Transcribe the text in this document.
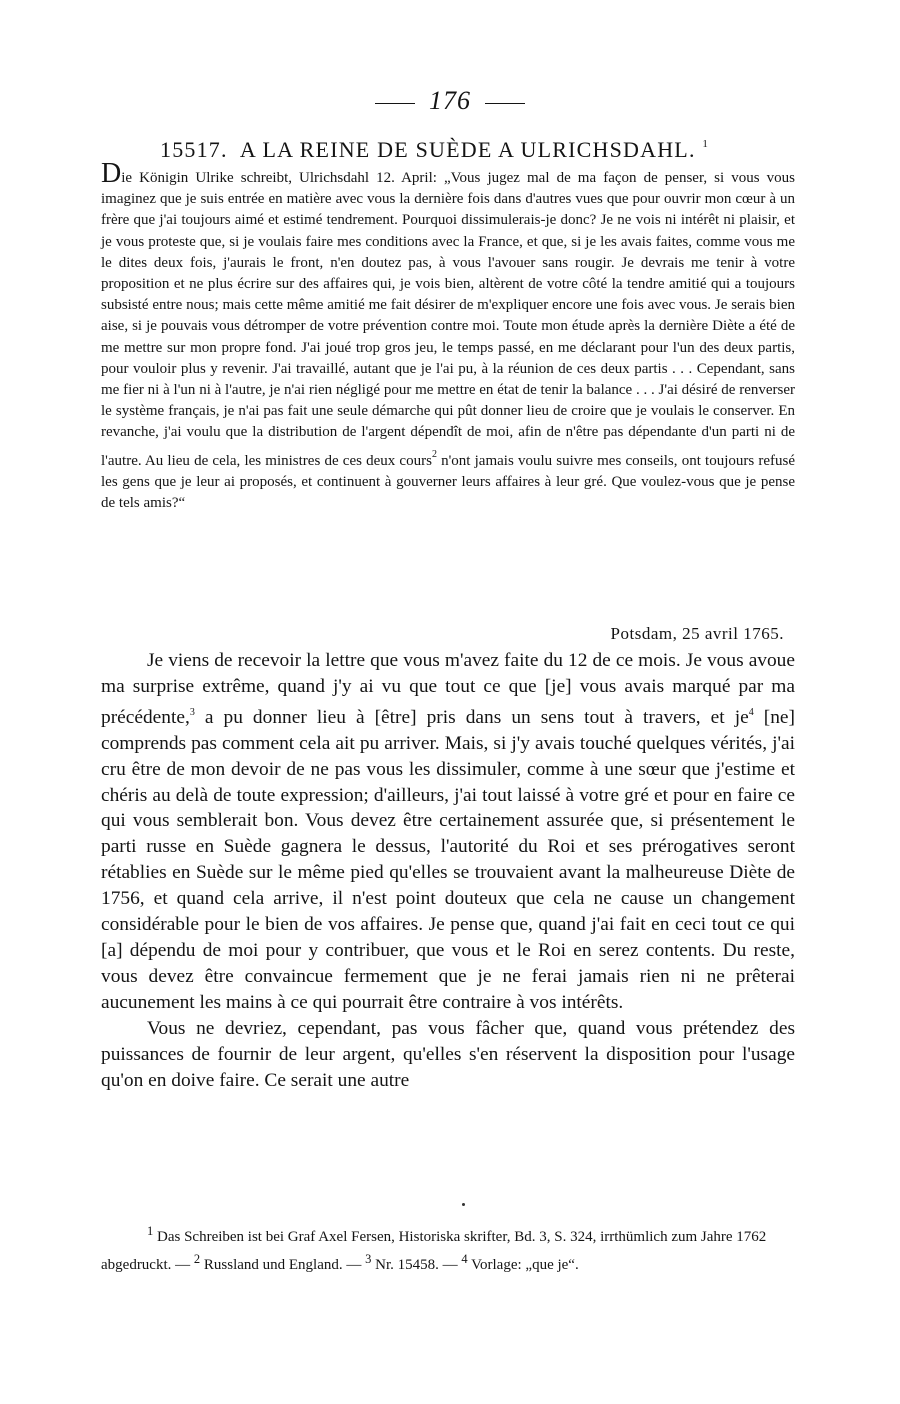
176
15517. A LA REINE DE SUÈDE A ULRICHSDAHL. $^1$
Die Königin Ulrike schreibt, Ulrichsdahl 12. April: „Vous jugez mal de ma façon de penser, si vous vous imaginez que je suis entrée en matière avec vous la dernière fois dans d'autres vues que pour ouvrir mon cœur à un frère que j'ai toujours aimé et estimé tendrement. Pourquoi dissimulerais-je donc? Je ne vois ni intérêt ni plaisir, et je vous proteste que, si je voulais faire mes conditions avec la France, et que, si je les avais faites, comme vous me le dites deux fois, j'aurais le front, n'en doutez pas, à vous l'avouer sans rougir. Je devrais me tenir à votre proposition et ne plus écrire sur des affaires qui, je vois bien, altèrent de votre côté la tendre amitié qui a toujours subsisté entre nous; mais cette même amitié me fait désirer de m'expliquer encore une fois avec vous. Je serais bien aise, si je pouvais vous détromper de votre prévention contre moi. Toute mon étude après la dernière Diète a été de me mettre sur mon propre fond. J'ai joué trop gros jeu, le temps passé, en me déclarant pour l'un des deux partis, pour vouloir plus y revenir. J'ai travaillé, autant que je l'ai pu, à la réunion de ces deux partis . . . Cependant, sans me fier ni à l'un ni à l'autre, je n'ai rien négligé pour me mettre en état de tenir la balance . . . J'ai désiré de renverser le système français, je n'ai pas fait une seule démarche qui pût donner lieu de croire que je voulais le conserver. En revanche, j'ai voulu que la distribution de l'argent dépendît de moi, afin de n'être pas dépendante d'un parti ni de l'autre. Au lieu de cela, les ministres de ces deux cours$^2$ n'ont jamais voulu suivre mes conseils, ont toujours refusé les gens que je leur ai proposés, et continuent à gouverner leurs affaires à leur gré. Que voulez-vous que je pense de tels amis?“
Potsdam, 25 avril 1765.

Je viens de recevoir la lettre que vous m'avez faite du 12 de ce mois. Je vous avoue ma surprise extrême, quand j'y ai vu que tout ce que [je] vous avais marqué par ma précédente,$^3$ a pu donner lieu à [être] pris dans un sens tout à travers, et $je^4$ [ne] comprends pas comment cela ait pu arriver. Mais, si j'y avais touché quelques vérités, j'ai cru être de mon devoir de ne pas vous les dissimuler, comme à une sœur que j'estime et chéris au delà de toute expression; d'ailleurs, j'ai tout laissé à votre gré et pour en faire ce qui vous semblerait bon. Vous devez être certainement assurée que, si présentement le parti russe en Suède gagnera le dessus, l'autorité du Roi et ses prérogatives seront rétablies en Suède sur le même pied qu'elles se trouvaient avant la malheureuse Diète de 1756, et quand cela arrive, il n'est point douteux que cela ne cause un changement considérable pour le bien de vos affaires. Je pense que, quand j'ai fait en ceci tout ce qui [a] dépendu de moi pour y contribuer, que vous et le Roi en serez contents. Du reste, vous devez être convaincue fermement que je ne ferai jamais rien ni ne prêterai aucunement les mains à ce qui pourrait être contraire à vos intérêts.

Vous ne devriez, cependant, pas vous fâcher que, quand vous prétendez des puissances de fournir de leur argent, qu'elles s'en réservent la disposition pour l'usage qu'on en doive faire. Ce serait une autre

$^1$ Das Schreiben ist bei Graf Axel Fersen, Historiska skrifter, Bd. 3, S. 324, irrthümlich zum Jahre 1762 abgedruckt. — $^2$ Russland und England. — $^3$ Nr. 15458. — $^4$ Vorlage: „que je“.
